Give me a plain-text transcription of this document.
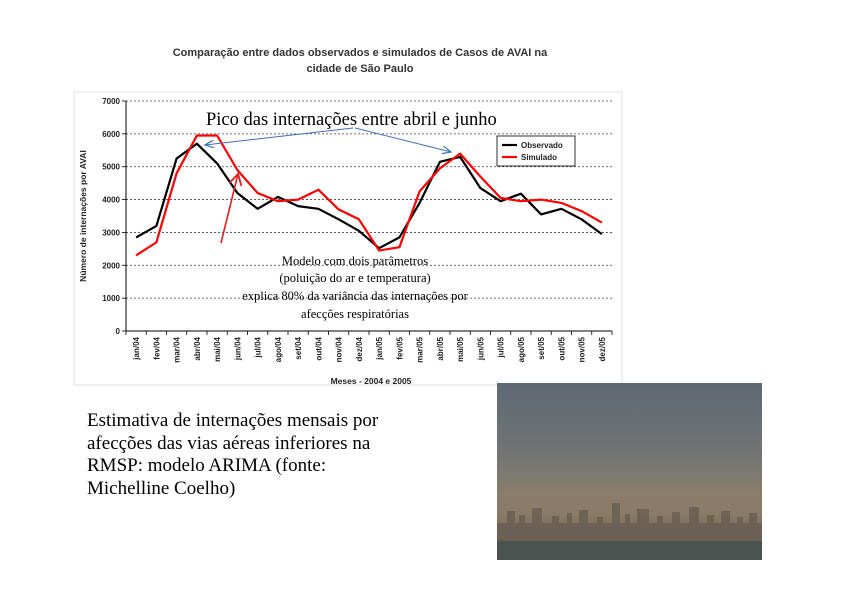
Comparação entre dados observados e simulados de Casos de AVAI na
cidade de São Paulo
0
1000
2000
3000
4000
5000
6000
7000
jan/04 fev/04 mar/04 abr/04 mai/04 jun/04 jul/04 ago/04 set/04 out/04 nov/04 dez/04 jan/05 fev/05 mar/05 abr/05 mai/05 jun/05 jul/05 ago/05 set/05 out/05 nov/05 dez/05
Meses - 2004 e 2005
Número de internações por AVAI
Observado
Simulado
Pico das internações entre abril e junho
Modelo com dois parâmetros
(poluição do ar e temperatura)
explica 80% da variância das internações por
afecções respiratórias
Estimativa de internações mensais por
afecções das vias aéreas inferiores na
RMSP: modelo ARIMA (fonte:
Michelline Coelho)
